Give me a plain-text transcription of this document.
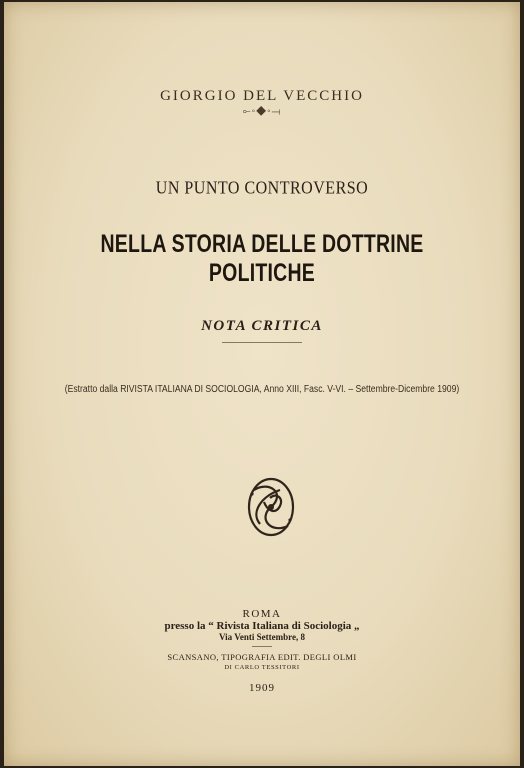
GIORGIO DEL VECCHIO
⟜◦◆◦⟞
UN PUNTO CONTROVERSO
NELLA STORIA DELLE DOTTRINE POLITICHE
NOTA CRITICA
(Estratto dalla RIVISTA ITALIANA DI SOCIOLOGIA, Anno XIII, Fasc. V-VI. – Settembre-Dicembre 1909)
ROMA
presso la “ Rivista Italiana di Sociologia „
Via Venti Settembre, 8
SCANSANO, TIPOGRAFIA EDIT. DEGLI OLMI
DI CARLO TESSITORI
1909
